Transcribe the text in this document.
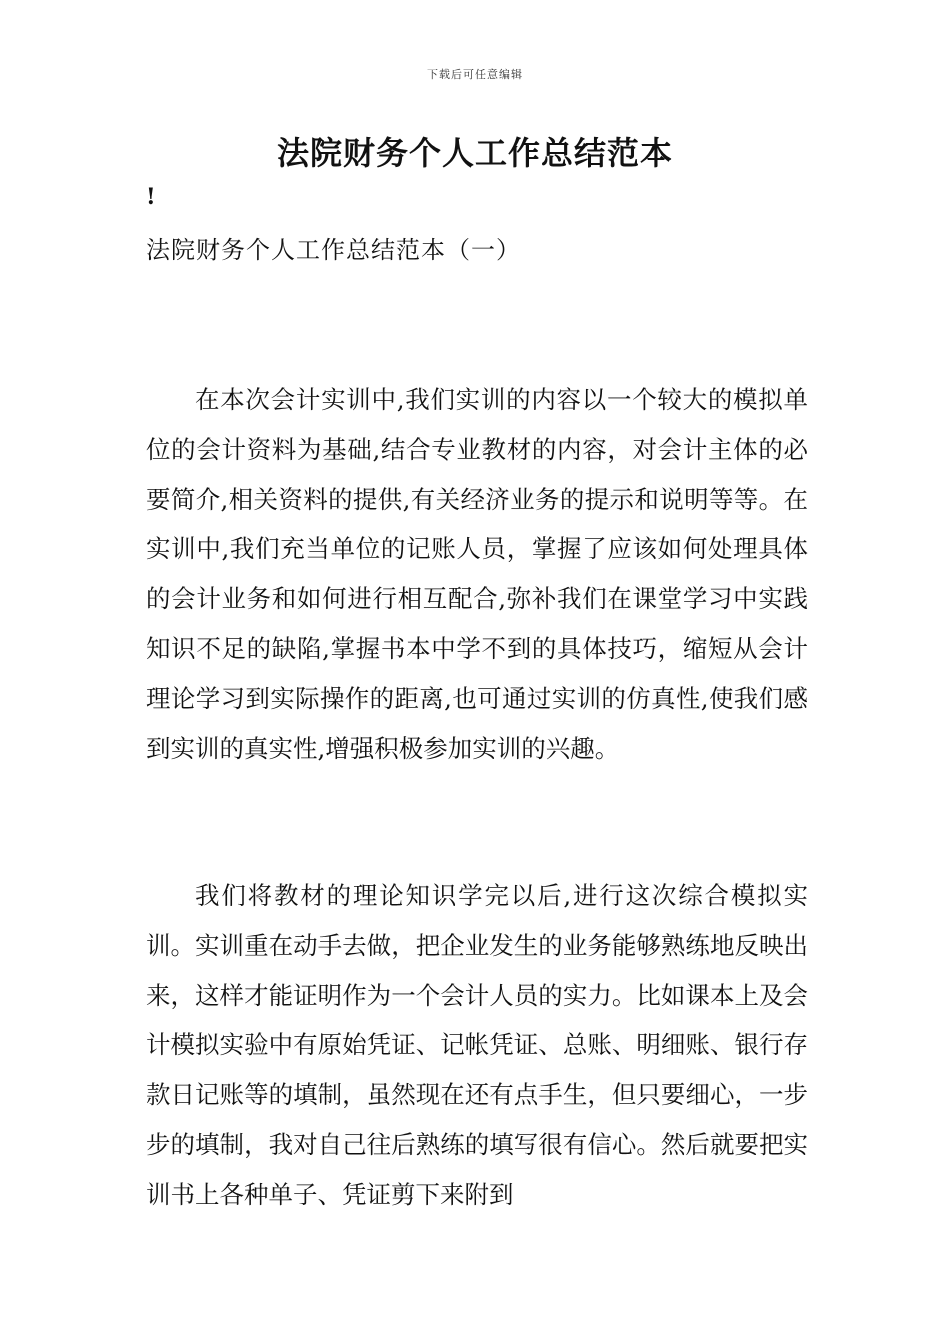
下载后可任意编辑
法院财务个人工作总结范本
!
法院财务个人工作总结范本（一）

在本次会计实训中,我们实训的内容以一个较大的模拟单位的会计资料为基础,结合专业教材的内容，对会计主体的必要简介,相关资料的提供,有关经济业务的提示和说明等等。在实训中,我们充当单位的记账人员，掌握了应该如何处理具体的会计业务和如何进行相互配合,弥补我们在课堂学习中实践知识不足的缺陷,掌握书本中学不到的具体技巧，缩短从会计理论学习到实际操作的距离,也可通过实训的仿真性,使我们感到实训的真实性,增强积极参加实训的兴趣。

我们将教材的理论知识学完以后,进行这次综合模拟实训。实训重在动手去做，把企业发生的业务能够熟练地反映出来，这样才能证明作为一个会计人员的实力。比如课本上及会计模拟实验中有原始凭证、记帐凭证、总账、明细账、银行存款日记账等的填制，虽然现在还有点手生，但只要细心，一步步的填制，我对自己往后熟练的填写很有信心。然后就要把实训书上各种单子、凭证剪下来附到
